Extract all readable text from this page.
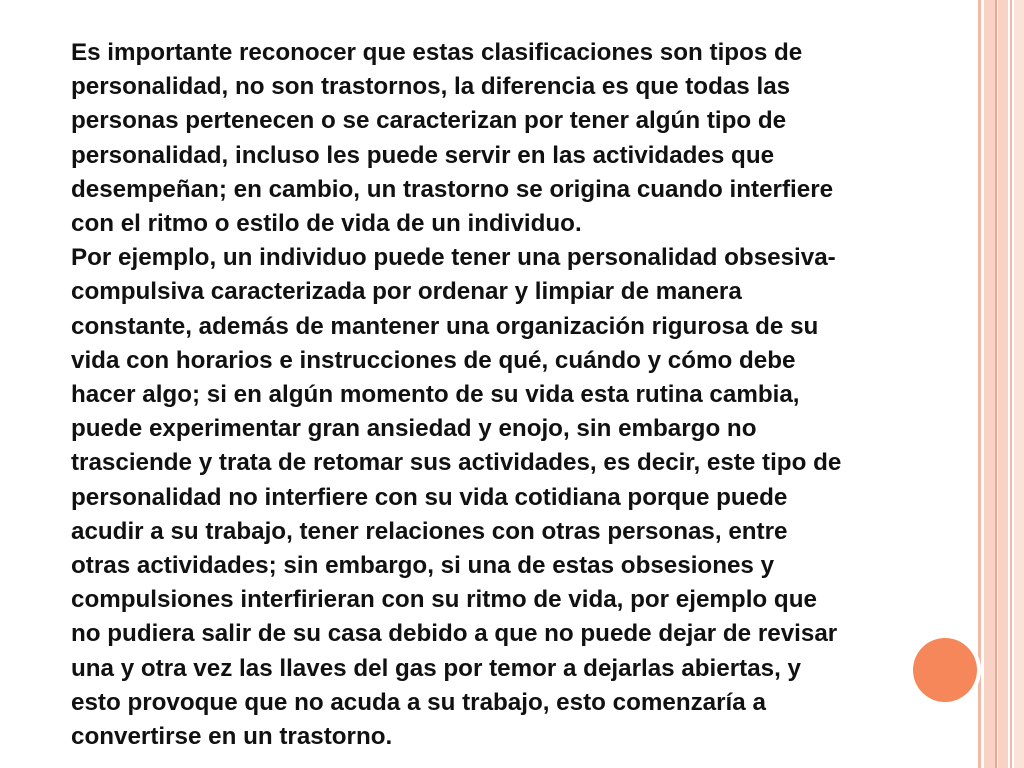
Es importante reconocer que estas clasificaciones son tipos de
personalidad, no son trastornos, la diferencia es que todas las
personas pertenecen o se caracterizan por tener algún tipo de
personalidad, incluso les puede servir en las actividades que
desempeñan; en cambio, un trastorno se origina cuando interfiere
con el ritmo o estilo de vida de un individuo.
Por ejemplo, un individuo puede tener una personalidad obsesiva-
compulsiva caracterizada por ordenar y limpiar de manera
constante, además de mantener una organización rigurosa de su
vida con horarios e instrucciones de qué, cuándo y cómo debe
hacer algo; si en algún momento de su vida esta rutina cambia,
puede experimentar gran ansiedad y enojo, sin embargo no
trasciende y trata de retomar sus actividades, es decir, este tipo de
personalidad no interfiere con su vida cotidiana porque puede
acudir a su trabajo, tener relaciones con otras personas, entre
otras actividades; sin embargo, si una de estas obsesiones y
compulsiones interfirieran con su ritmo de vida, por ejemplo que
no pudiera salir de su casa debido a que no puede dejar de revisar
una y otra vez las llaves del gas por temor a dejarlas abiertas, y
esto provoque que no acuda a su trabajo, esto comenzaría a
convertirse en un trastorno.
